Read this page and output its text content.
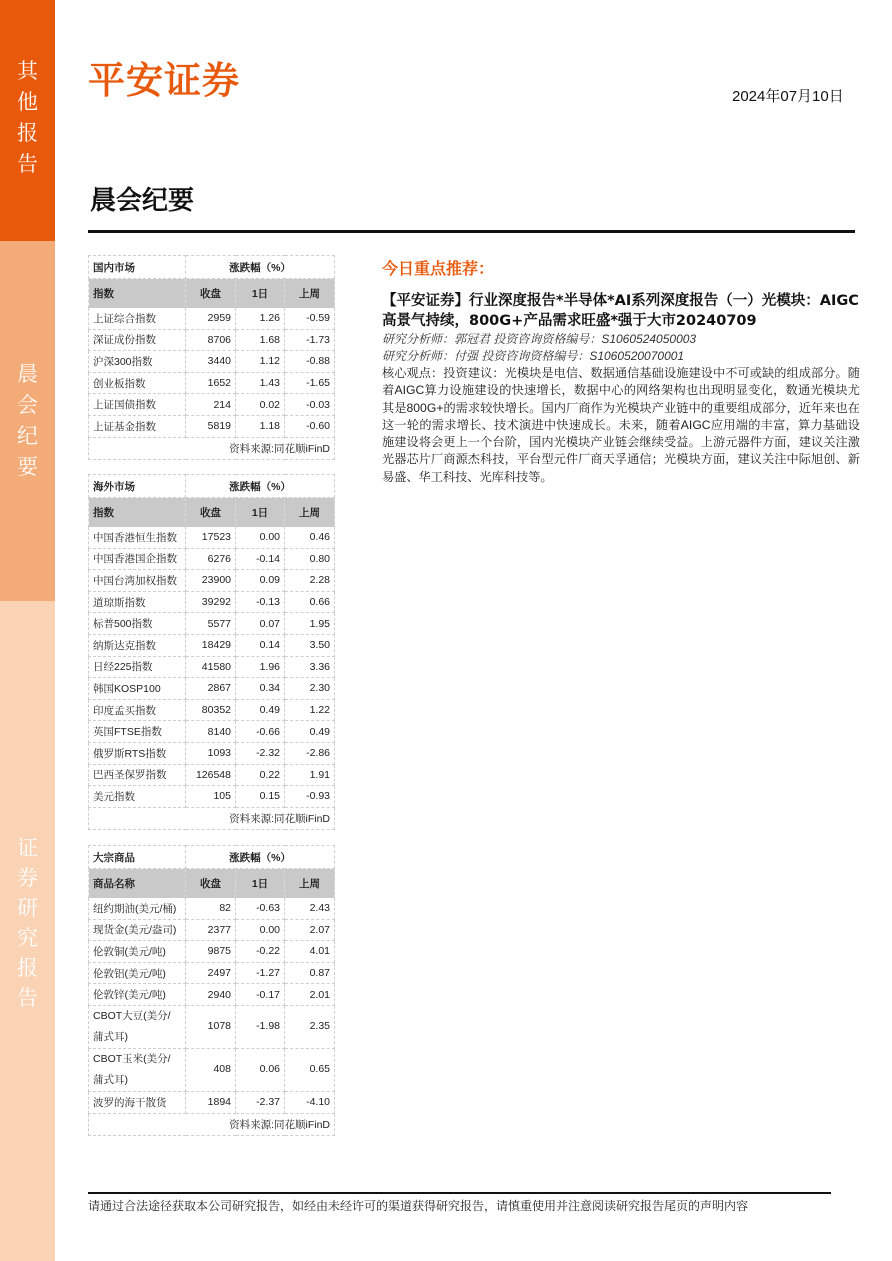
其
他
报
告
晨
会
纪
要
证
券
研
究
报
告
平安证券	2024年07月10日
晨会纪要
国内市场	涨跌幅（%）		
指数	收盘	1日	上周
上证综合指数	2959	1.26	-0.59
深证成份指数	8706	1.68	-1.73
沪深300指数	3440	1.12	-0.88
创业板指数	1652	1.43	-1.65
上证国债指数	214	0.02	-0.03
上证基金指数	5819	1.18	-0.60
资料来源:同花顺iFinD			
海外市场	涨跌幅（%）		
指数	收盘	1日	上周
中国香港恒生指数	17523	0.00	0.46
中国香港国企指数	6276	-0.14	0.80
中国台湾加权指数	23900	0.09	2.28
道琼斯指数	39292	-0.13	0.66
标普500指数	5577	0.07	1.95
纳斯达克指数	18429	0.14	3.50
日经225指数	41580	1.96	3.36
韩国KOSP100	2867	0.34	2.30
印度孟买指数	80352	0.49	1.22
英国FTSE指数	8140	-0.66	0.49
俄罗斯RTS指数	1093	-2.32	-2.86
巴西圣保罗指数	126548	0.22	1.91
美元指数	105	0.15	-0.93
资料来源:同花顺iFinD			
大宗商品	涨跌幅（%）		
商品名称	收盘	1日	上周
纽约期油(美元/桶)	82	-0.63	2.43
现货金(美元/盎司)	2377	0.00	2.07
伦敦铜(美元/吨)	9875	-0.22	4.01
伦敦铝(美元/吨)	2497	-1.27	0.87
伦敦锌(美元/吨)	2940	-0.17	2.01
CBOT大豆(美分/蒲式耳)	1078	-1.98	2.35
CBOT玉米(美分/蒲式耳)	408	0.06	0.65
波罗的海干散货	1894	-2.37	-4.10
资料来源:同花顺iFinD			
今日重点推荐：
【平安证券】行业深度报告*半导体*AI系列深度报告（一）光模块：AIGC高景气持续，800G+产品需求旺盛*强于大市20240709
研究分析师：郭冠君 投资咨询资格编号：S1060524050003
研究分析师：付强 投资咨询资格编号：S1060520070001
核心观点：投资建议：光模块是电信、数据通信基础设施建设中不可或缺的组成部分。随着AIGC算力设施建设的快速增长，数据中心的网络架构也出现明显变化，数通光模块尤其是800G+的需求较快增长。国内厂商作为光模块产业链中的重要组成部分，近年来也在这一轮的需求增长、技术演进中快速成长。未来，随着AIGC应用端的丰富，算力基础设施建设将会更上一个台阶，国内光模块产业链会继续受益。上游元器件方面，建议关注激光器芯片厂商源杰科技，平台型元件厂商天孚通信；光模块方面，建议关注中际旭创、新易盛、华工科技、光库科技等。
请通过合法途径获取本公司研究报告，如经由未经许可的渠道获得研究报告，请慎重使用并注意阅读研究报告尾页的声明内容
